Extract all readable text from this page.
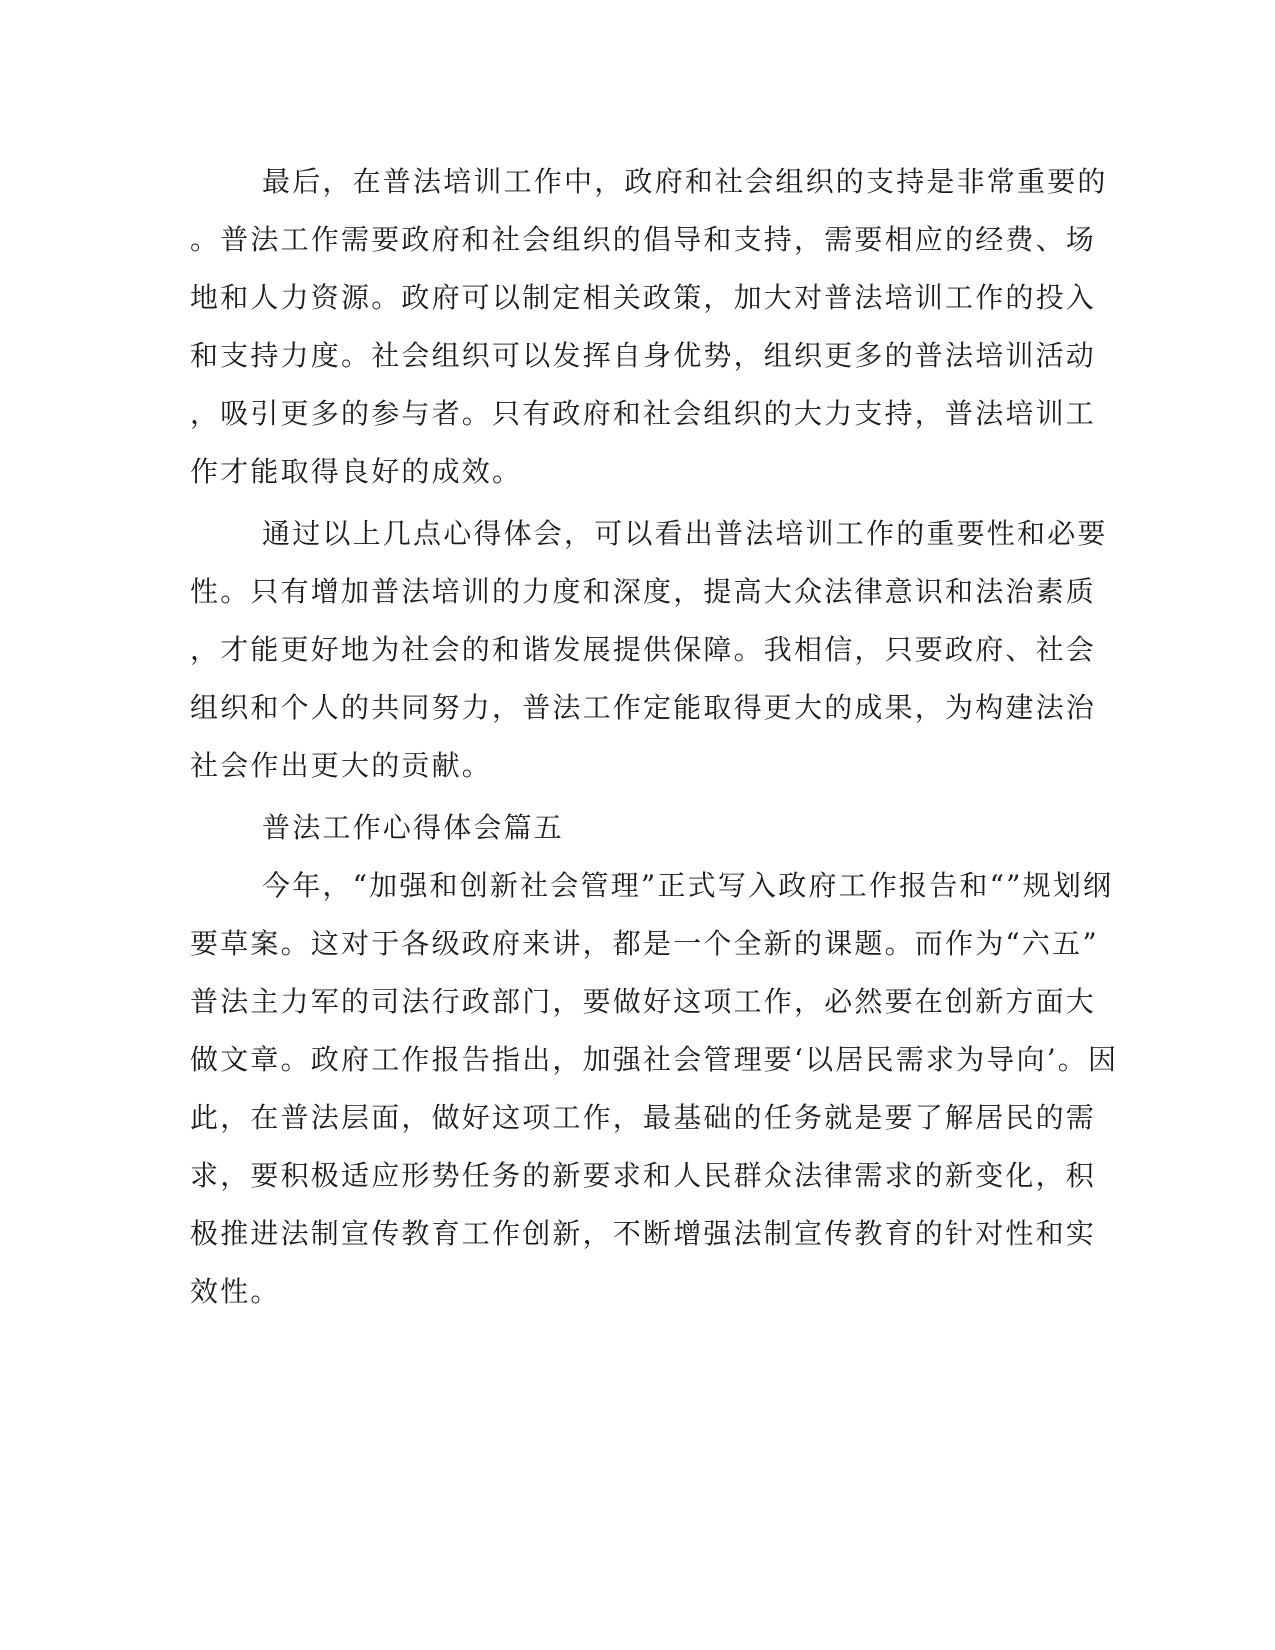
最后，在普法培训工作中，政府和社会组织的支持是非常重要的
。普法工作需要政府和社会组织的倡导和支持，需要相应的经费、场
地和人力资源。政府可以制定相关政策，加大对普法培训工作的投入
和支持力度。社会组织可以发挥自身优势，组织更多的普法培训活动
，吸引更多的参与者。只有政府和社会组织的大力支持，普法培训工
作才能取得良好的成效。
通过以上几点心得体会，可以看出普法培训工作的重要性和必要
性。只有增加普法培训的力度和深度，提高大众法律意识和法治素质
，才能更好地为社会的和谐发展提供保障。我相信，只要政府、社会
组织和个人的共同努力，普法工作定能取得更大的成果，为构建法治
社会作出更大的贡献。
普法工作心得体会篇五
今年，“加强和创新社会管理”正式写入政府工作报告和“”规划纲
要草案。这对于各级政府来讲，都是一个全新的课题。而作为“六五”
普法主力军的司法行政部门，要做好这项工作，必然要在创新方面大
做文章。政府工作报告指出，加强社会管理要‘以居民需求为导向’。因
此，在普法层面，做好这项工作，最基础的任务就是要了解居民的需
求，要积极适应形势任务的新要求和人民群众法律需求的新变化，积
极推进法制宣传教育工作创新，不断增强法制宣传教育的针对性和实
效性。
